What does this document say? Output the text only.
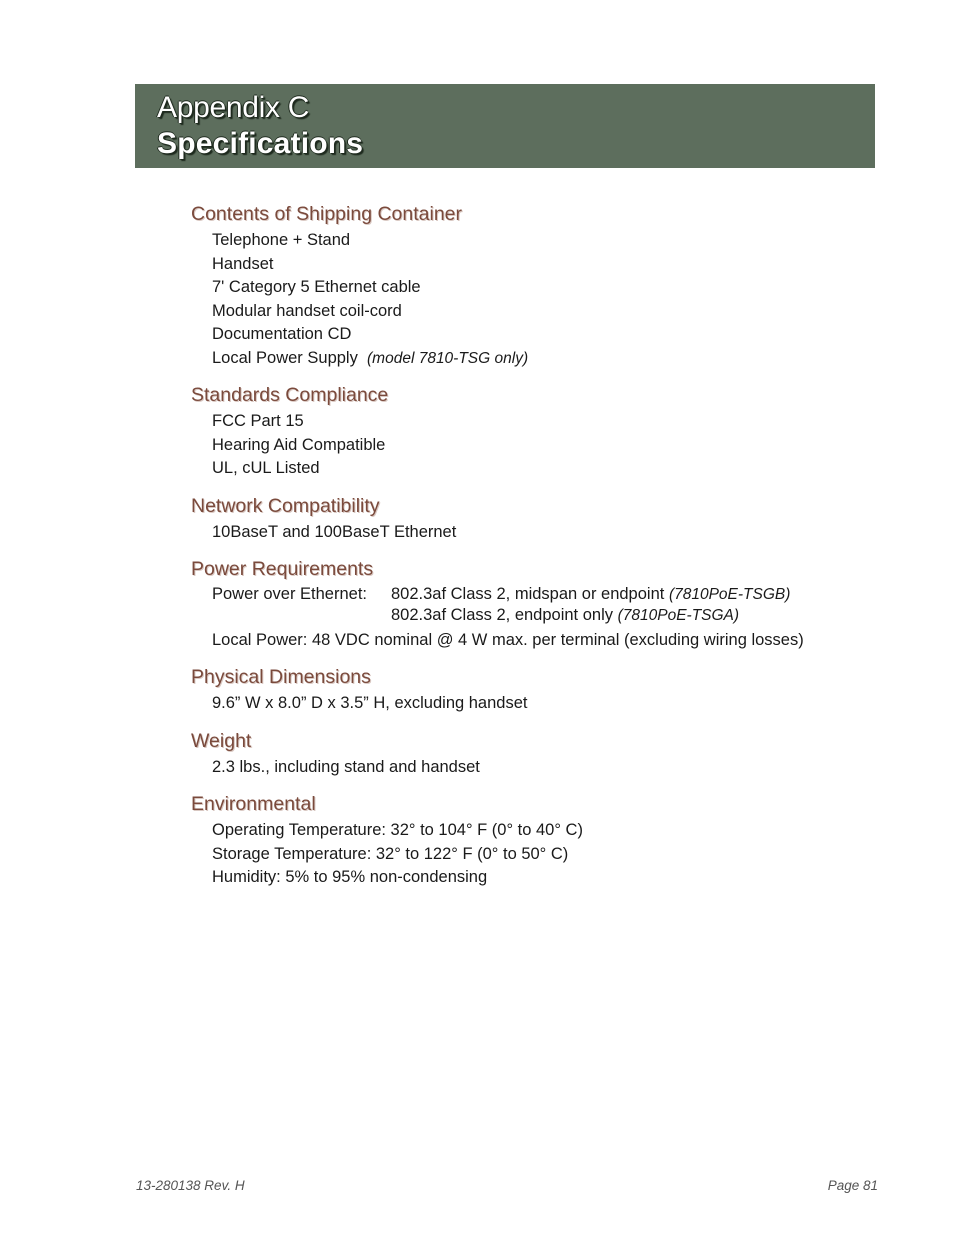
Appendix C
Specifications
Contents of Shipping Container
Telephone + Stand
Handset
7' Category 5 Ethernet cable
Modular handset coil-cord
Documentation CD
Local Power Supply (model 7810-TSG only)
Standards Compliance
FCC Part 15
Hearing Aid Compatible
UL, cUL Listed
Network Compatibility
10BaseT and 100BaseT Ethernet
Power Requirements
Power over Ethernet:	802.3af Class 2, midspan or endpoint (7810PoE-TSGB)
802.3af Class 2, endpoint only (7810PoE-TSGA)
Local Power: 48 VDC nominal @ 4 W max. per terminal (excluding wiring losses)
Physical Dimensions
9.6” W x 8.0” D x 3.5” H, excluding handset
Weight
2.3 lbs., including stand and handset
Environmental
Operating Temperature: 32° to 104° F (0° to 40° C)
Storage Temperature: 32° to 122° F (0° to 50° C)
Humidity: 5% to 95% non-condensing
13-280138 Rev. H	Page 81
